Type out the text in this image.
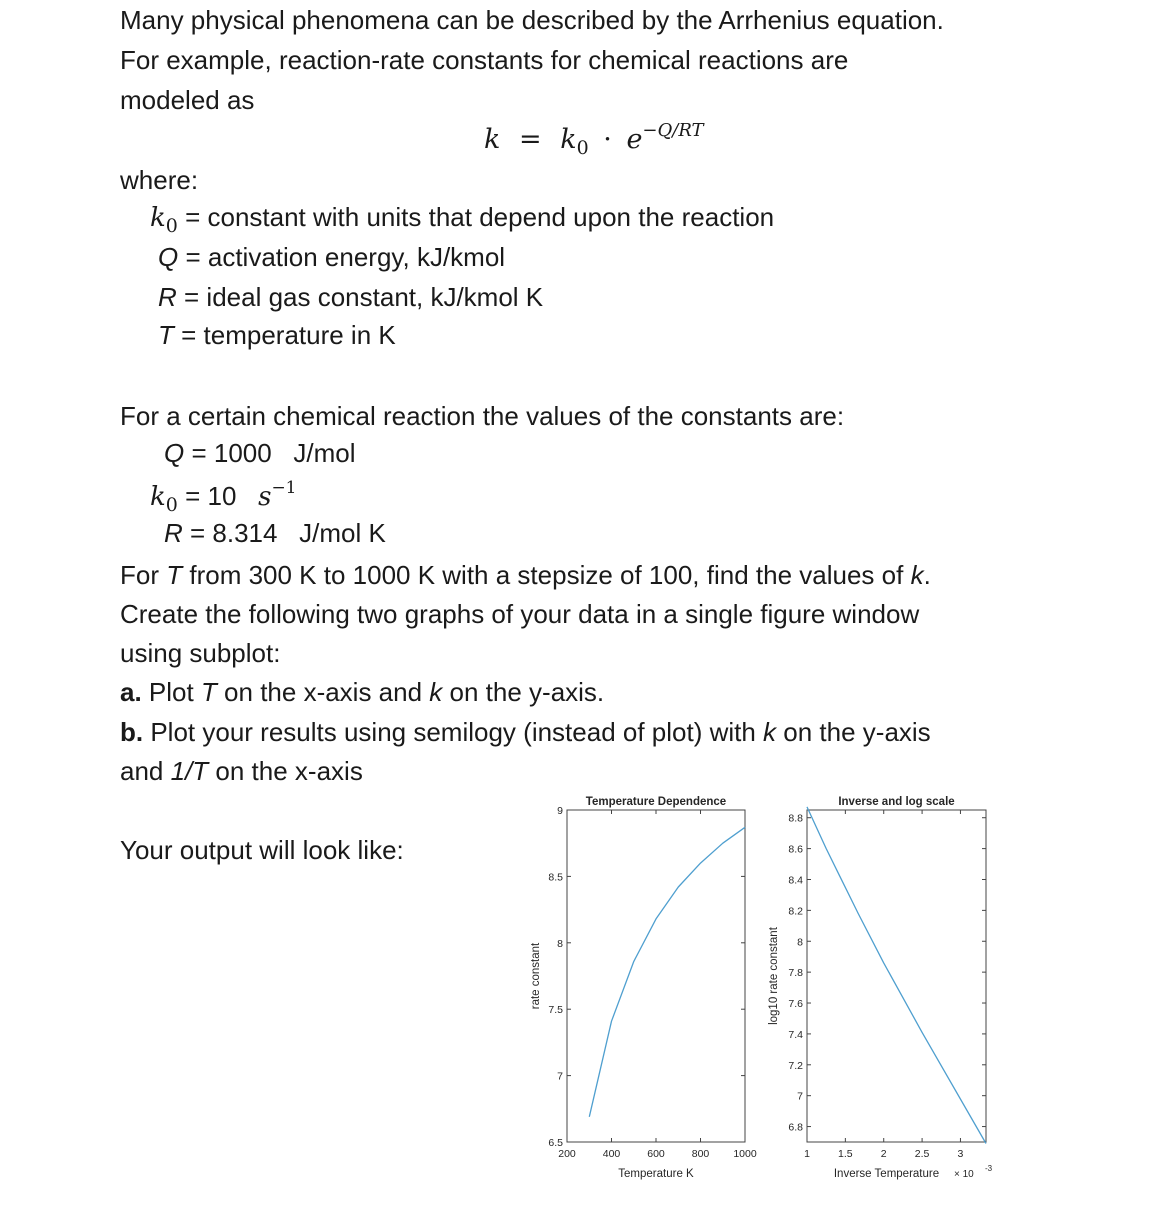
Many physical phenomena can be described by the Arrhenius equation.
For example, reaction-rate constants for chemical reactions are
modeled as
$k = k_0 \cdot e^{-Q/RT}$
where:
$k_0$ = constant with units that depend upon the reaction
Q = activation energy, kJ/kmol
R = ideal gas constant, kJ/kmol K
T = temperature in K
For a certain chemical reaction the values of the constants are:
Q = 1000   J/mol
$k_0 = 10$   $s^{-1}$
R = 8.314   J/mol K
For T from 300 K to 1000 K with a stepsize of 100, find the values of k.
Create the following two graphs of your data in a single figure window
using subplot:
a. Plot T on the x-axis and k on the y-axis.
b. Plot your results using semilogy (instead of plot) with k on the y-axis
and 1/T on the x-axis
Your output will look like:
Temperature Dependence
200	400	600	800 1000
6.5
7
7.5
8
8.5
9
Temperature K
rate constant
Inverse and log scale
1	1.5	2	2.5	3
6.8
7
7.2
7.4
7.6
7.8
8
8.2
8.4
8.6
8.8
Inverse Temperature × 10
-3
log10 rate constant
